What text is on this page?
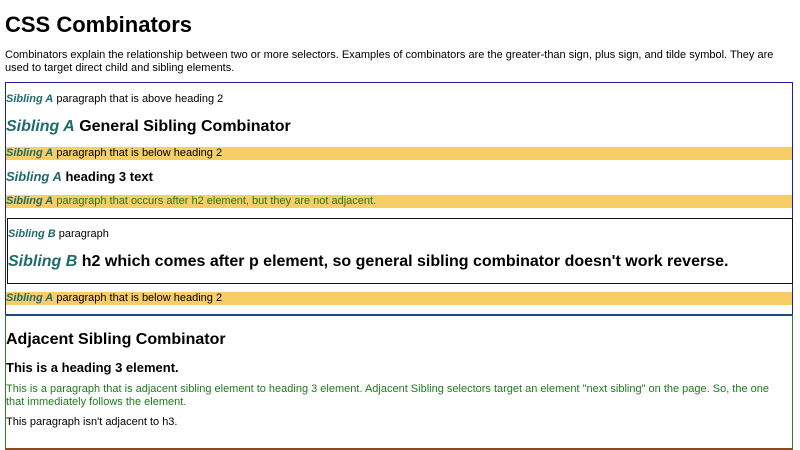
CSS Combinators

Combinators explain the relationship between two or more selectors. Examples of combinators are the greater-than sign, plus sign, and tilde symbol. They are used to target direct child and sibling elements.

Sibling A paragraph that is above heading 2
Sibling A General Sibling Combinator
Sibling A paragraph that is below heading 2
Sibling A heading 3 text
Sibling A paragraph that occurs after h2 element, but they are not adjacent.
Sibling B paragraph
Sibling B h2 which comes after p element, so general sibling combinator doesn't work reverse.
Sibling A paragraph that is below heading 2
Adjacent Sibling Combinator
This is a heading 3 element.
This is a paragraph that is adjacent sibling element to heading 3 element. Adjacent Sibling selectors target an element "next sibling" on the page. So, the one that immediately follows the element.
This paragraph isn't adjacent to h3.
